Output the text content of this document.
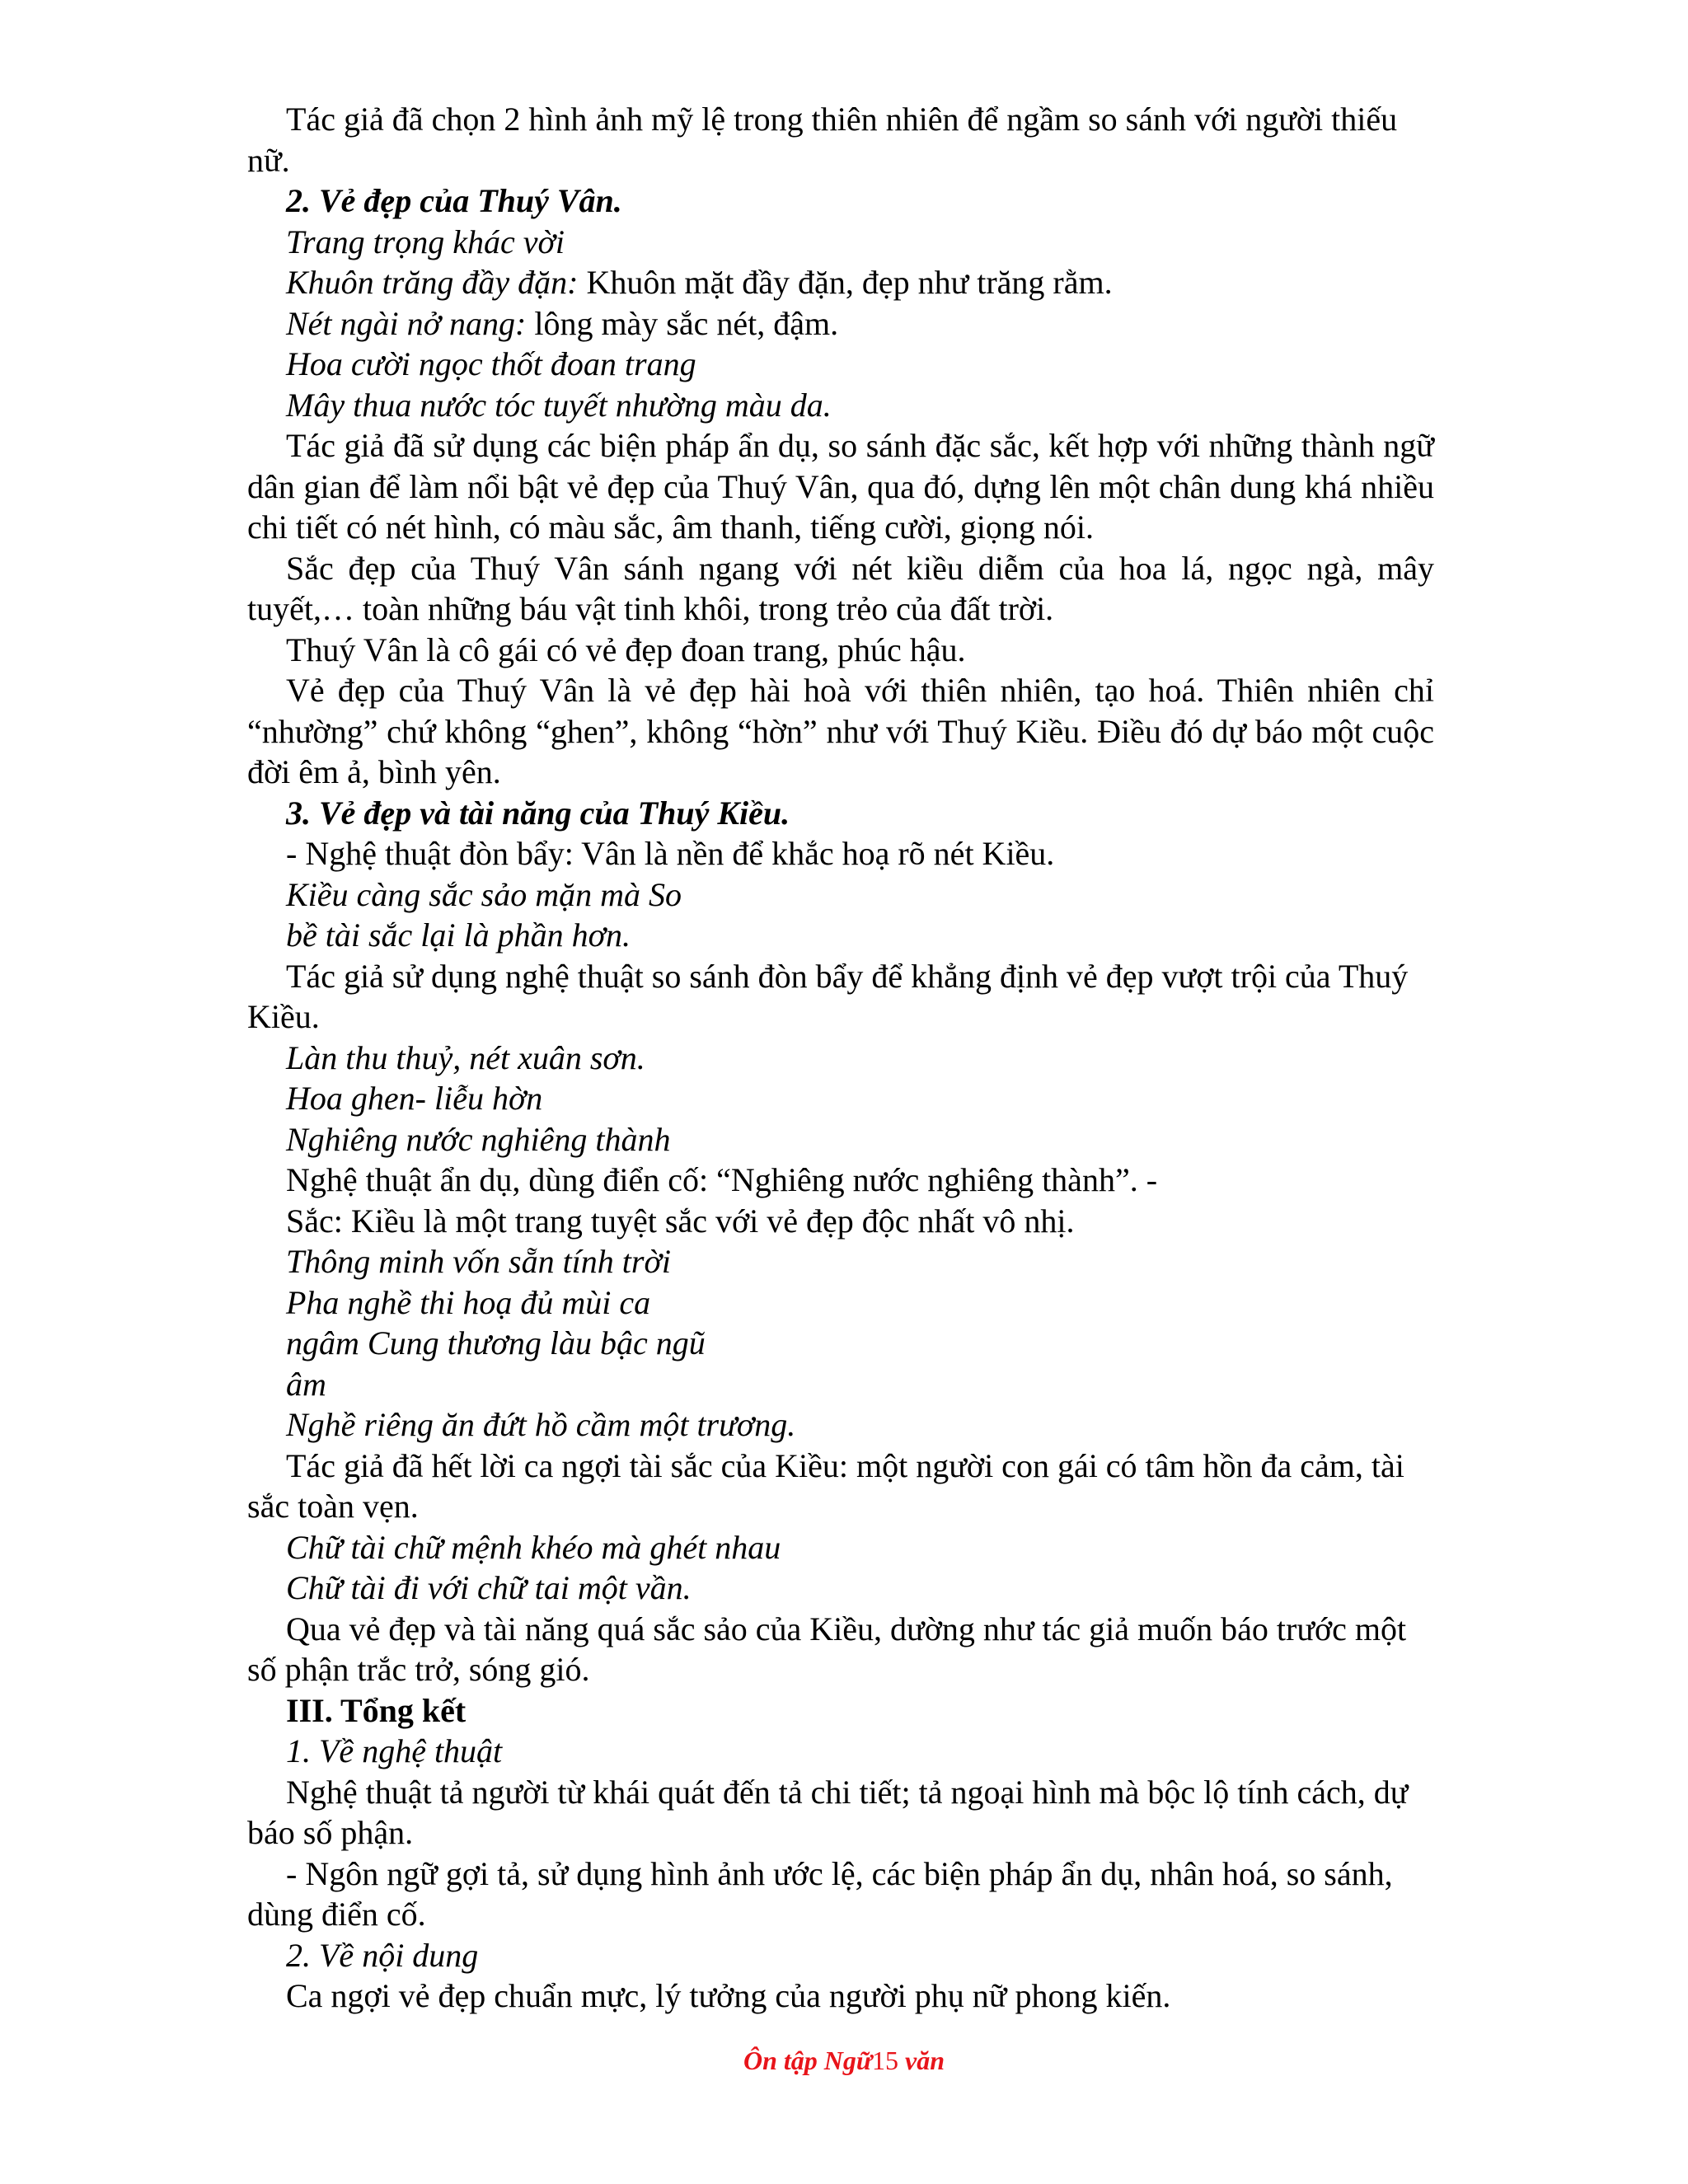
Tác giả đã chọn 2 hình ảnh mỹ lệ trong thiên nhiên để ngầm so sánh với người thiếu nữ.

2. Vẻ đẹp của Thuý Vân.

Trang trọng khác vời

Khuôn trăng đầy đặn: Khuôn mặt đầy đặn, đẹp như trăng rằm.

Nét ngài nở nang: lông mày sắc nét, đậm.

Hoa cười ngọc thốt đoan trang

Mây thua nước tóc tuyết nhường màu da.

Tác giả đã sử dụng các biện pháp ẩn dụ, so sánh đặc sắc, kết hợp với những thành ngữ dân gian để làm nổi bật vẻ đẹp của Thuý Vân, qua đó, dựng lên một chân dung khá nhiều chi tiết có nét hình, có màu sắc, âm thanh, tiếng cười, giọng nói.

Sắc đẹp của Thuý Vân sánh ngang với nét kiều diễm của hoa lá, ngọc ngà, mây tuyết,… toàn những báu vật tinh khôi, trong trẻo của đất trời.

Thuý Vân là cô gái có vẻ đẹp đoan trang, phúc hậu.

Vẻ đẹp của Thuý Vân là vẻ đẹp hài hoà với thiên nhiên, tạo hoá. Thiên nhiên chỉ “nhường” chứ không “ghen”, không “hờn” như với Thuý Kiều. Điều đó dự báo một cuộc đời êm ả, bình yên.

3. Vẻ đẹp và tài năng của Thuý Kiều.

- Nghệ thuật đòn bẩy: Vân là nền để khắc hoạ rõ nét Kiều.

Kiều càng sắc sảo mặn mà So

bề tài sắc lại là phần hơn.

Tác giả sử dụng nghệ thuật so sánh đòn bẩy để khẳng định vẻ đẹp vượt trội của Thuý Kiều.

Làn thu thuỷ, nét xuân sơn.

Hoa ghen- liễu hờn

Nghiêng nước nghiêng thành

Nghệ thuật ẩn dụ, dùng điển cố: “Nghiêng nước nghiêng thành”. -

Sắc: Kiều là một trang tuyệt sắc với vẻ đẹp độc nhất vô nhị.

Thông minh vốn sẵn tính trời

Pha nghề thi hoạ đủ mùi ca

ngâm Cung thương làu bậc ngũ

âm

Nghề riêng ăn đứt hồ cầm một trương.

Tác giả đã hết lời ca ngợi tài sắc của Kiều: một người con gái có tâm hồn đa cảm, tài sắc toàn vẹn.

Chữ tài chữ mệnh khéo mà ghét nhau

Chữ tài đi với chữ tai một vần.

Qua vẻ đẹp và tài năng quá sắc sảo của Kiều, dường như tác giả muốn báo trước một số phận trắc trở, sóng gió.

III. Tổng kết

1. Về nghệ thuật

Nghệ thuật tả người từ khái quát đến tả chi tiết; tả ngoại hình mà bộc lộ tính cách, dự báo số phận.

- Ngôn ngữ gợi tả, sử dụng hình ảnh ước lệ, các biện pháp ẩn dụ, nhân hoá, so sánh, dùng điển cố.

2. Về nội dung

Ca ngợi vẻ đẹp chuẩn mực, lý tưởng của người phụ nữ phong kiến.

Ôn tập Ngữ15 văn
